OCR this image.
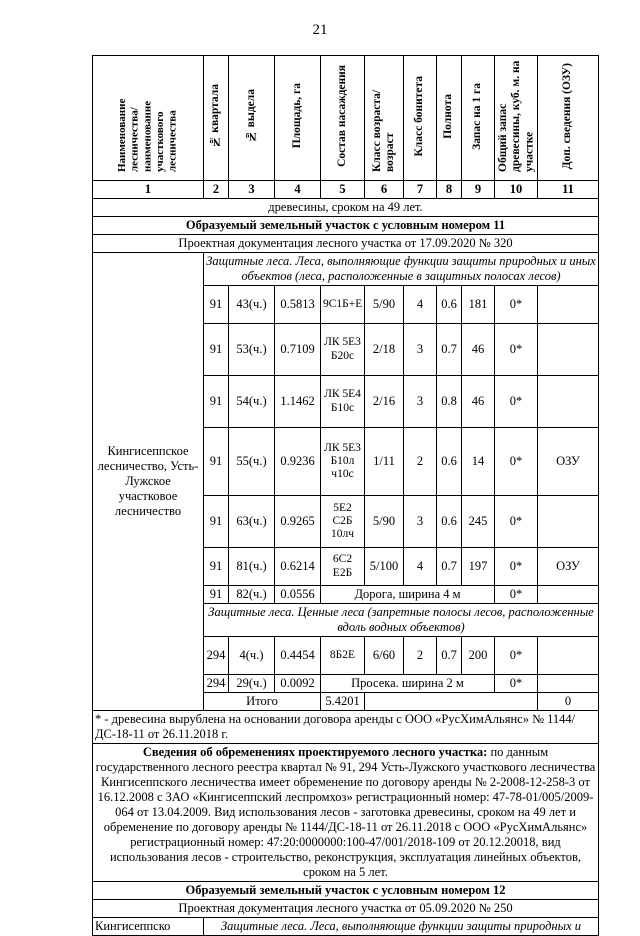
21
Наименование лесничества/ наименование участкового лесничества	№ квартала	№ выдела	Площадь, га	Состав насаждения	Класс возраста/возраст	Класс бонитета	Полнота	Запас на 1 га	Общий запас древесины, куб. м. на участке	Доп. сведения (ОЗУ)	
1	2	3	4	5	6	7	8	9	10	11	
древесины, сроком на 49 лет.											
Образуемый земельный участок с условным номером 11											
Проектная документация лесного участка от 17.09.2020 № 320											
Кингисеппское лесничество, Усть-Лужское участковое лесничество	Защитные леса. Леса, выполняющие функции защиты природных и иных объектов (леса, расположенные в защитных полосах лесов)										
	91	43(ч.)	0.5813	9С1Б+Е	5/90	4	0.6	181	0*		
	91	53(ч.)	0.7109	ЛК 5Е3 Б20с	2/18	3	0.7	46	0*		
	91	54(ч.)	1.1462	ЛК 5Е4 Б10с	2/16	3	0.8	46	0*		
	91	55(ч.)	0.9236	ЛК 5Е3 Б10л ч10с	1/11	2	0.6	14	0*	ОЗУ	
	91	63(ч.)	0.9265	5Е2 С2Б 10лч	5/90	3	0.6	245	0*		
	91	81(ч.)	0.6214	6С2 Е2Б	5/100	4	0.7	197	0*	ОЗУ	
	91	82(ч.)	0.0556	Дорога, ширина 4 м					0*		
	Защитные леса. Ценные леса (запретные полосы лесов, расположенные вдоль водных объектов)										
	294	4(ч.)	0.4454	8Б2Е	6/60	2	0.7	200	0*		
	294	29(ч.)	0.0092	Просека. ширина 2 м					0*		
	Итого			5.4201						0	
* - древесина вырублена на основании договора аренды с ООО «РусХимАльянс» № 1144/ДС-18-11 от 26.11.2018 г.											
Сведения об обременениях проектируемого лесного участка: по данным государственного лесного реестра квартал № 91, 294 Усть-Лужского участкового лесничества Кингисеппского лесничества имеет обременение по договору аренды № 2-2008-12-258-3 от 16.12.2008 с ЗАО «Кингисеппский леспромхоз» регистрационный номер: 47-78-01/005/2009-064 от 13.04.2009. Вид использования лесов - заготовка древесины, сроком на 49 лет и обременение по договору аренды № 1144/ДС-18-11 от 26.11.2018 с ООО «РусХимАльянс» регистрационный номер: 47:20:0000000:100-47/001/2018-109 от 20.12.20018, вид использования лесов - строительство, реконструкция, эксплуатация линейных объектов, сроком на 5 лет.											
Образуемый земельный участок с условным номером 12											
Проектная документация лесного участка от 05.09.2020 № 250											
Кингисеппско	Защитные леса. Леса, выполняющие функции защиты природных и										
